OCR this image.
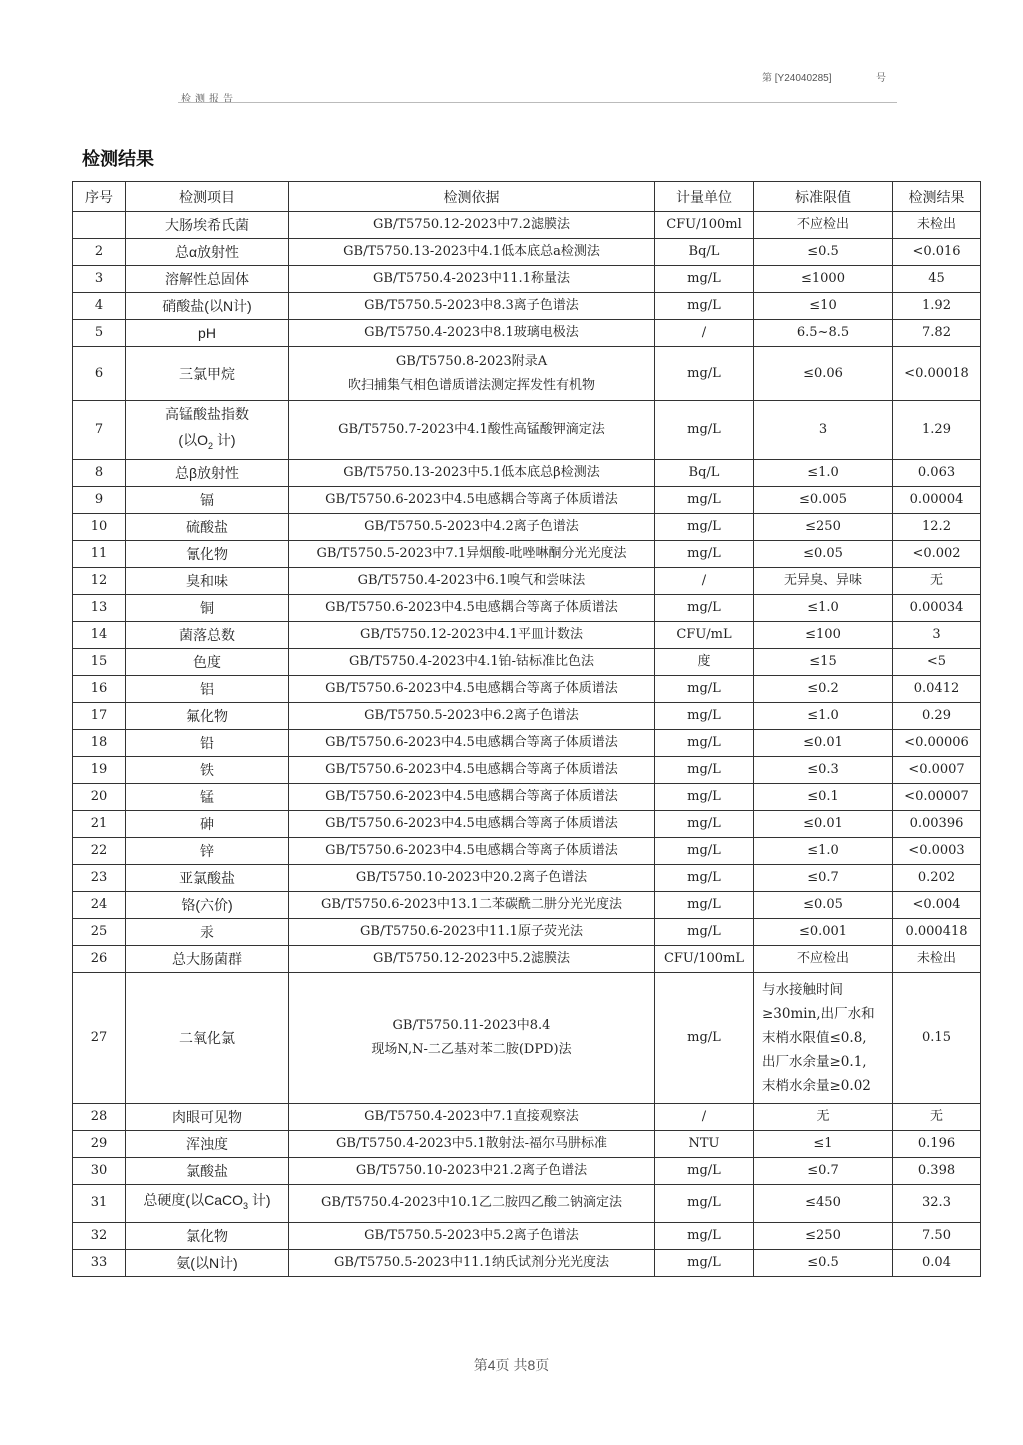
第 [Y24040285]	号
检测报告
检测结果
序号	检测项目	检测依据	计量单位	标准限值	检测结果
	大肠埃希氏菌	GB/T5750.12-2023中7.2滤膜法	CFU/100ml	不应检出	未检出
2	总α放射性	GB/T5750.13-2023中4.1低本底总a检测法	Bq/L	≤0.5	<0.016
3	溶解性总固体	GB/T5750.4-2023中11.1称量法	mg/L	≤1000	45
4	硝酸盐(以N计)	GB/T5750.5-2023中8.3离子色谱法	mg/L	≤10	1.92
5	pH	GB/T5750.4-2023中8.1玻璃电极法	/	6.5~8.5	7.82
6	三氯甲烷	GB/T5750.8-2023附录A
吹扫捕集气相色谱质谱法测定挥发性有机物	mg/L	≤0.06	<0.00018
7	高锰酸盐指数
(以$O_2$ 计)	GB/T5750.7-2023中4.1酸性高锰酸钾滴定法	mg/L	3	1.29
8	总β放射性	GB/T5750.13-2023中5.1低本底总β检测法	Bq/L	≤1.0	0.063
9	镉	GB/T5750.6-2023中4.5电感耦合等离子体质谱法	mg/L	≤0.005	0.00004
10	硫酸盐	GB/T5750.5-2023中4.2离子色谱法	mg/L	≤250	12.2
11	氰化物	GB/T5750.5-2023中7.1异烟酸-吡唑啉酮分光光度法	mg/L	≤0.05	<0.002
12	臭和味	GB/T5750.4-2023中6.1嗅气和尝味法	/	无异臭、异味	无
13	铜	GB/T5750.6-2023中4.5电感耦合等离子体质谱法	mg/L	≤1.0	0.00034
14	菌落总数	GB/T5750.12-2023中4.1平皿计数法	CFU/mL	≤100	3
15	色度	GB/T5750.4-2023中4.1铂-钴标准比色法	度	≤15	<5
16	铝	GB/T5750.6-2023中4.5电感耦合等离子体质谱法	mg/L	≤0.2	0.0412
17	氟化物	GB/T5750.5-2023中6.2离子色谱法	mg/L	≤1.0	0.29
18	铅	GB/T5750.6-2023中4.5电感耦合等离子体质谱法	mg/L	≤0.01	<0.00006
19	铁	GB/T5750.6-2023中4.5电感耦合等离子体质谱法	mg/L	≤0.3	<0.0007
20	锰	GB/T5750.6-2023中4.5电感耦合等离子体质谱法	mg/L	≤0.1	<0.00007
21	砷	GB/T5750.6-2023中4.5电感耦合等离子体质谱法	mg/L	≤0.01	0.00396
22	锌	GB/T5750.6-2023中4.5电感耦合等离子体质谱法	mg/L	≤1.0	<0.0003
23	亚氯酸盐	GB/T5750.10-2023中20.2离子色谱法	mg/L	≤0.7	0.202
24	铬(六价)	GB/T5750.6-2023中13.1二苯碳酰二肼分光光度法	mg/L	≤0.05	<0.004
25	汞	GB/T5750.6-2023中11.1原子荧光法	mg/L	≤0.001	0.000418
26	总大肠菌群	GB/T5750.12-2023中5.2滤膜法	CFU/100mL	不应检出	未检出
27	二氧化氯	GB/T5750.11-2023中8.4
现场N,N-二乙基对苯二胺(DPD)法	mg/L	与水接触时间
≥30min,出厂水和
末梢水限值≤0.8,
出厂水余量≥0.1,
末梢水余量≥0.02	0.15
28	肉眼可见物	GB/T5750.4-2023中7.1直接观察法	/	无	无
29	浑浊度	GB/T5750.4-2023中5.1散射法-福尔马肼标准	NTU	≤1	0.196
30	氯酸盐	GB/T5750.10-2023中21.2离子色谱法	mg/L	≤0.7	0.398
31	总硬度(以CaCO$_3$ 计)	GB/T5750.4-2023中10.1乙二胺四乙酸二钠滴定法	mg/L	≤450	32.3
32	氯化物	GB/T5750.5-2023中5.2离子色谱法	mg/L	≤250	7.50
33	氨(以N计)	GB/T5750.5-2023中11.1纳氏试剂分光光度法	mg/L	≤0.5	0.04
第4页 共8页
